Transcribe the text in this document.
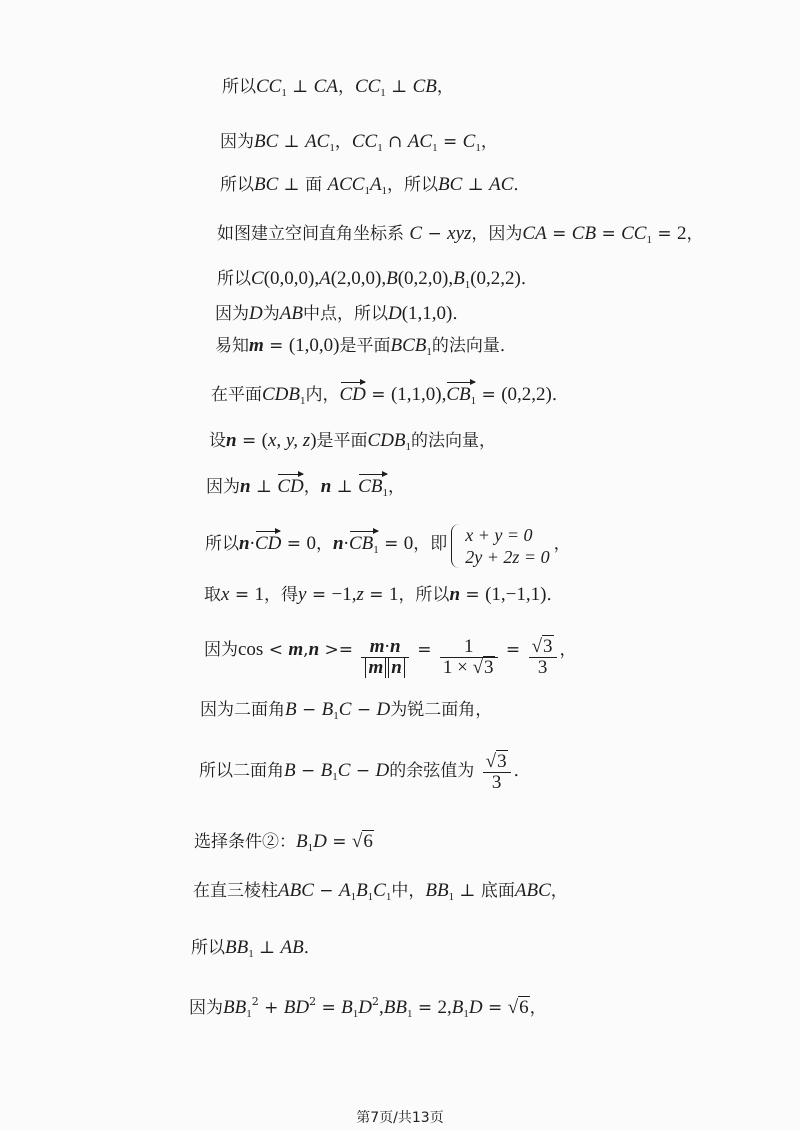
所以$CC_1$ ⊥ CA，$CC_1$ ⊥ CB，
因为BC ⊥ $AC_1$，$CC_1$ ∩ $AC_1 = C_1$，
所以BC ⊥ 面 $ACC_1A_1$，所以BC ⊥ AC．
如图建立空间直角坐标系 C − xyz，因为CA = CB = $CC_1 = 2$，
所以$C(0,0,0),A(2,0,0),B(0,2,0),B_1(0,2,2)$．
因为D为AB中点，所以D(1,1,0)．
易知m = (1,0,0)是平面$BCB_1$的法向量．
在平面$CDB_1$内，CD = $(1,1,0),CB_1 = (0,2,2)$．
设n = (x, y, z)是平面$CDB_1$的法向量，
因为n ⊥ CD，n ⊥ $CB_1$，
所以n·CD = 0，$n\cdot CB_1 = 0$，即 x + y = 0
2y + 2z = 0
，
取x = 1，得y = −1,z = 1，所以n = (1,−1,1)．
因为$\cos < m,n >= \frac{m\cdot n}{\text{m n}} = \frac{1}{1 \times √3} = \frac{√3}{3}$ ，
因为二面角$B - B_1C - D$为锐二面角，
所以二面角$B - B_1C - D$的余弦值为 $\frac{√3}{3}$ ．
选择条件②：$B_1D = √6$
在直三棱柱ABC − $A_1B_1C_1$中，$BB_1$ ⊥ 底面ABC，
所以$BB_1$ ⊥ AB．
因为$BB_1^2 + BD^2 = B_1D^2,BB_1 = 2,B_1D = √6$，
第7页/共13页
